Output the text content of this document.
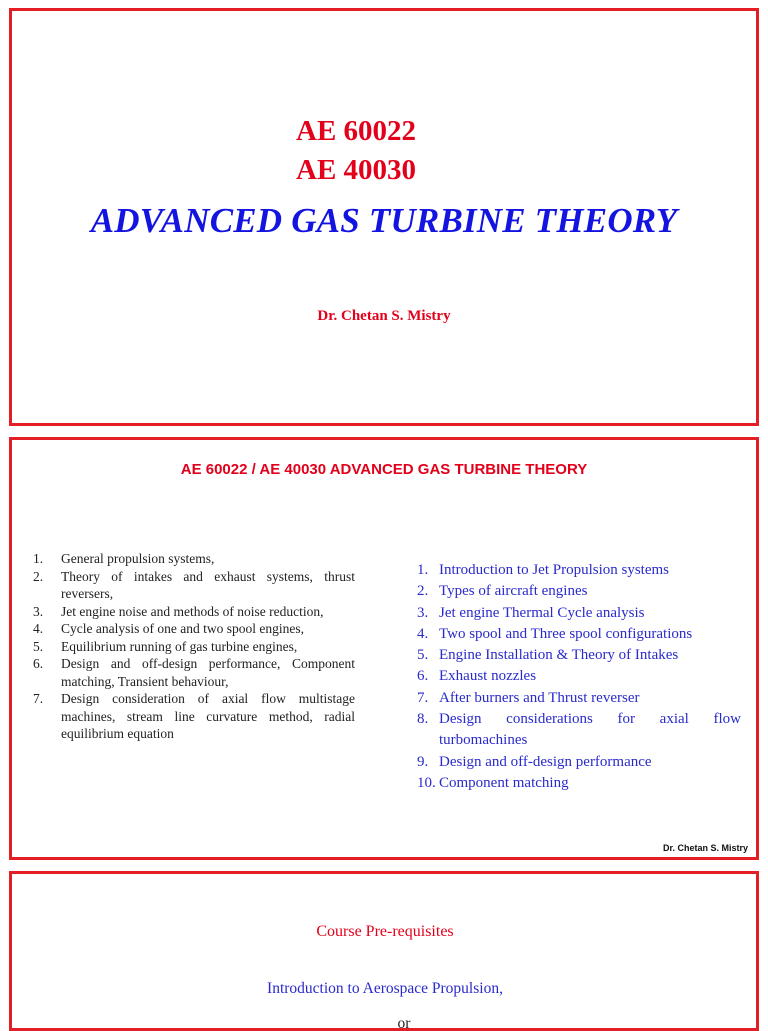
AE 60022
AE 40030
ADVANCED GAS TURBINE THEORY
Dr. Chetan S. Mistry
AE 60022 / AE 40030 ADVANCED GAS TURBINE THEORY
1.	General propulsion systems,
2.	Theory of intakes and exhaust systems, thrust reversers,
3.	Jet engine noise and methods of noise reduction,
4.	Cycle analysis of one and two spool engines,
5.	Equilibrium running of gas turbine engines,
6.	Design and off-design performance, Component matching, Transient behaviour,
7.	Design consideration of axial flow multistage machines, stream line curvature method, radial equilibrium equation
1. Introduction to Jet Propulsion systems
2. Types of aircraft engines
3. Jet engine Thermal Cycle analysis
4. Two spool and Three spool configurations
5. Engine Installation & Theory of Intakes
6. Exhaust nozzles
7. After burners and Thrust reverser
8. Design considerations for axial flow turbomachines
9. Design and off-design performance
10. Component matching
Dr. Chetan S. Mistry
Course Pre-requisites
Introduction to Aerospace Propulsion,
or
